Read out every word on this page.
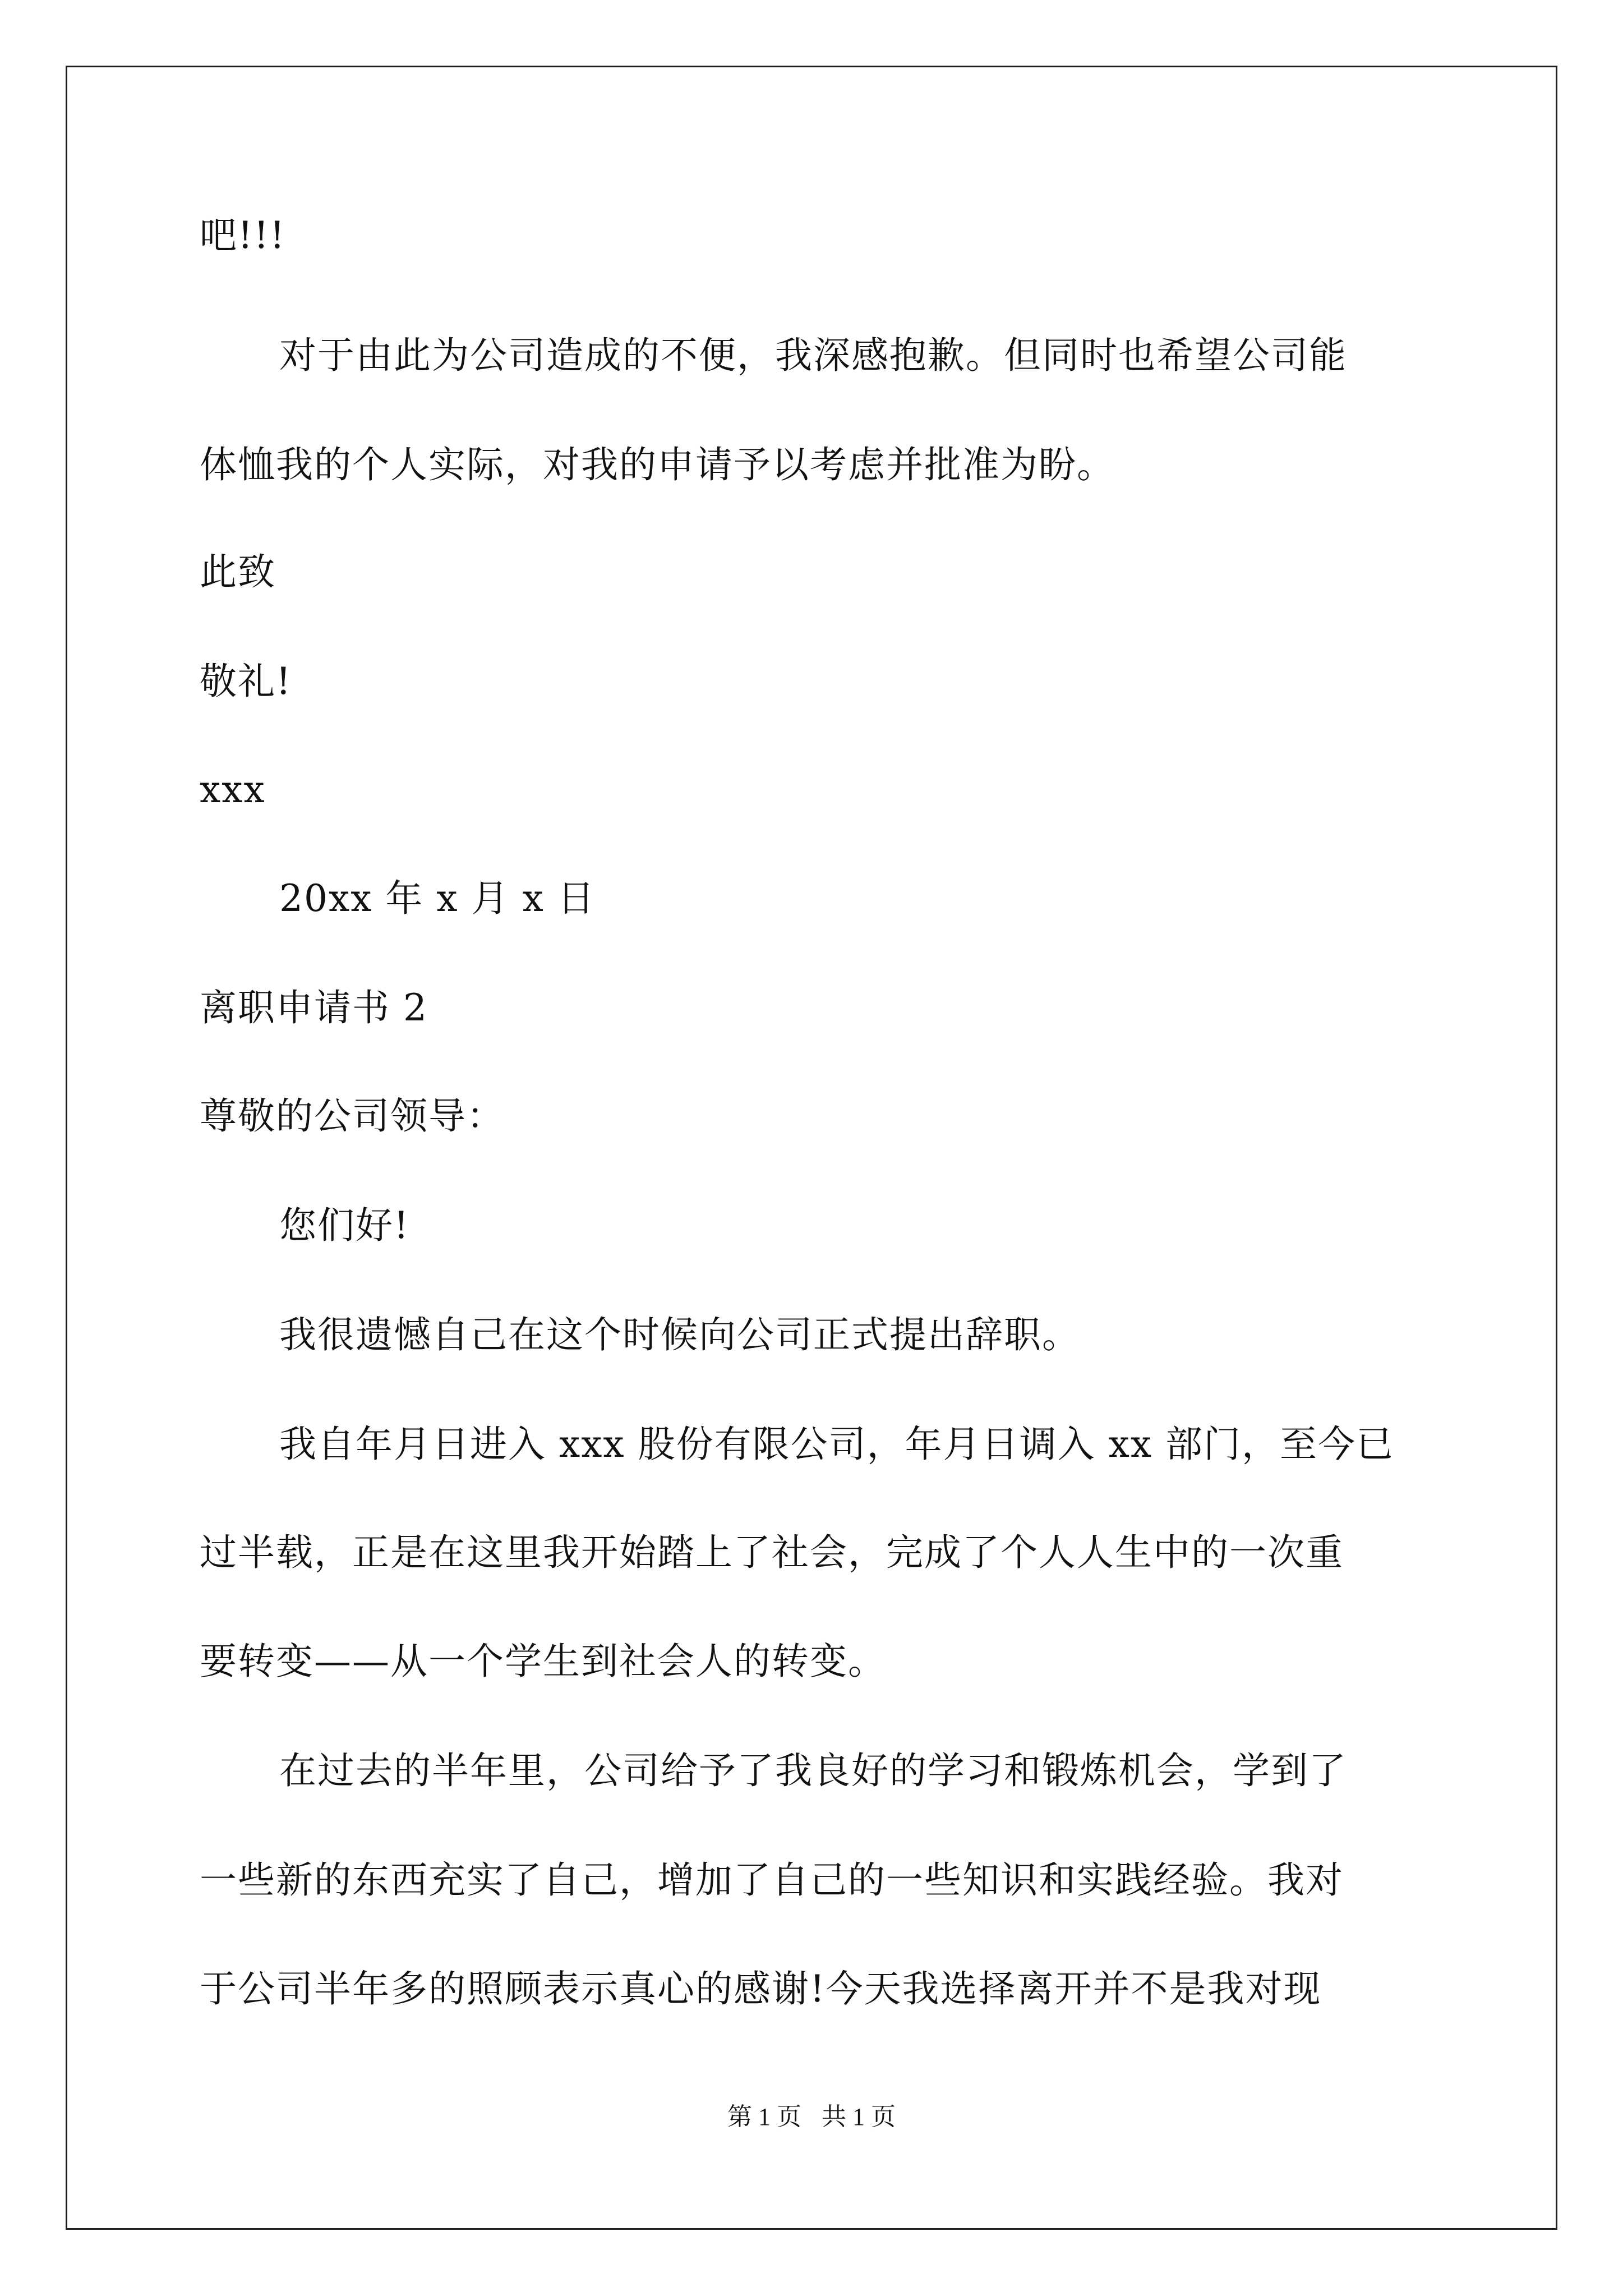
吧!!!
对于由此为公司造成的不便，我深感抱歉。但同时也希望公司能
体恤我的个人实际，对我的申请予以考虑并批准为盼。
此致
敬礼!
xxx
20xx 年 x 月 x 日
离职申请书 2
尊敬的公司领导：
您们好!
我很遗憾自己在这个时候向公司正式提出辞职。
我自年月日进入 xxx 股份有限公司，年月日调入 xx 部门，至今已
过半载，正是在这里我开始踏上了社会，完成了个人人生中的一次重
要转变——从一个学生到社会人的转变。
在过去的半年里，公司给予了我良好的学习和锻炼机会，学到了
一些新的东西充实了自己，增加了自己的一些知识和实践经验。我对
于公司半年多的照顾表示真心的感谢!今天我选择离开并不是我对现
第 1 页 共 1 页
